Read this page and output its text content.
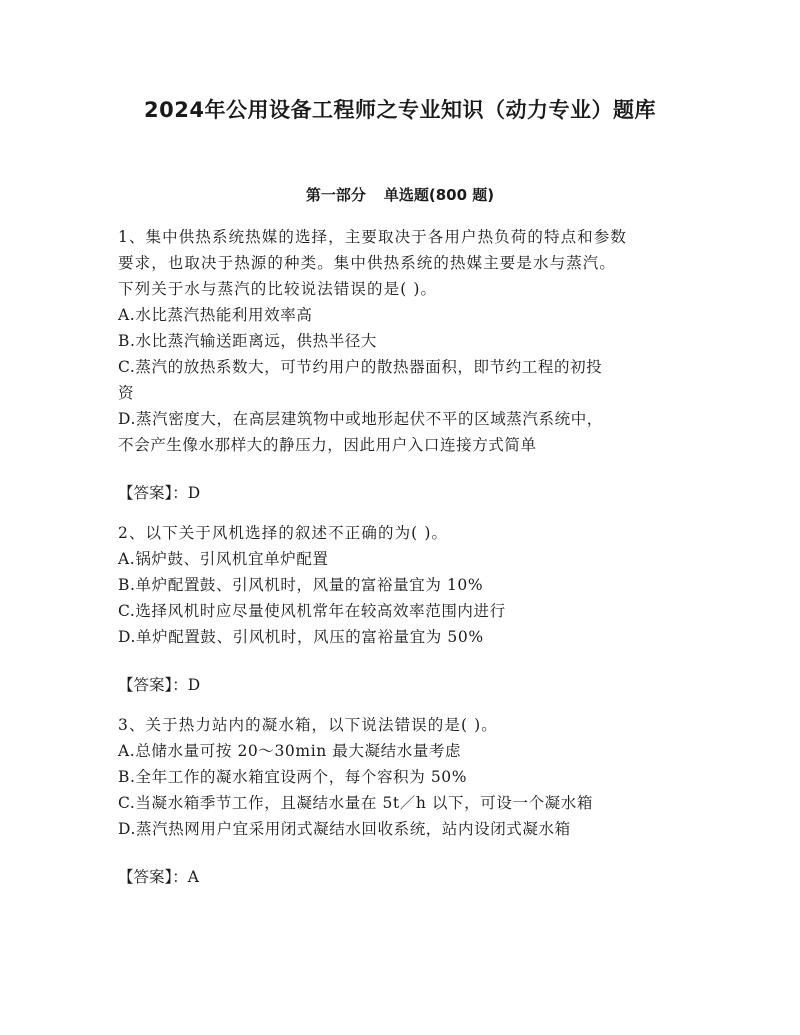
2024年公用设备工程师之专业知识（动力专业）题库
第一部分 单选题(800 题)
1、集中供热系统热媒的选择，主要取决于各用户热负荷的特点和参数
要求，也取决于热源的种类。集中供热系统的热媒主要是水与蒸汽。
下列关于水与蒸汽的比较说法错误的是( )。
A.水比蒸汽热能利用效率高
B.水比蒸汽输送距离远，供热半径大
C.蒸汽的放热系数大，可节约用户的散热器面积，即节约工程的初投
资
D.蒸汽密度大，在高层建筑物中或地形起伏不平的区域蒸汽系统中，
不会产生像水那样大的静压力，因此用户入口连接方式简单
【答案】：D
2、以下关于风机选择的叙述不正确的为( )。
A.锅炉鼓、引风机宜单炉配置
B.单炉配置鼓、引风机时，风量的富裕量宜为 10%
C.选择风机时应尽量使风机常年在较高效率范围内进行
D.单炉配置鼓、引风机时，风压的富裕量宜为 50%
【答案】：D
3、关于热力站内的凝水箱，以下说法错误的是( )。
A.总储水量可按 20～30min 最大凝结水量考虑
B.全年工作的凝水箱宜设两个，每个容积为 50%
C.当凝水箱季节工作，且凝结水量在 5t／h 以下，可设一个凝水箱
D.蒸汽热网用户宜采用闭式凝结水回收系统，站内设闭式凝水箱
【答案】：A
